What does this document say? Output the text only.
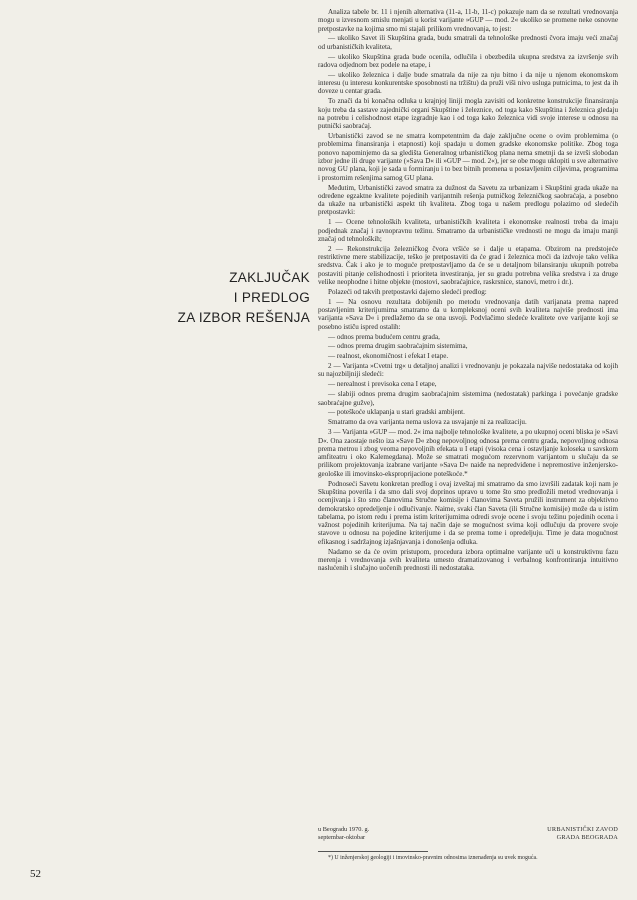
ZAKLJUČAK
I PREDLOG
ZA IZBOR REŠENJA

Analiza tabele br. 11 i njenih alternativa (11-a, 11-b, 11-c) pokazuje nam da se rezultati vrednovanja mogu u izvesnom smislu menjati u korist varijante »GUP — mod. 2« ukoliko se promene neke osnovne pretpostavke na kojima smo mi stajali prilikom vrednovanja, to jest:

— ukoliko Savet ili Skupština grada, budu smatrali da tehnološke prednosti čvora imaju veći značaj od urbanističkih kvaliteta,

— ukoliko Skupština grada bude ocenila, odlučila i obezbedila ukupna sredstva za izvršenje svih radova odjednom bez podele na etape, i

— ukoliko železnica i dalje bude smatrala da nije za nju bitno i da nije u njenom ekonomskom interesu (u interesu konkurentske sposobnosti na tržištu) da pruži viši nivo usluga putnicima, to jest da ih doveze u centar grada.

To znači da bi konačna odluka u krajnjoj liniji mogla zavisiti od konkretne konstrukcije finansiranja koju treba da sastave zajednički organi Skupštine i železnice, od toga kako Skupština i železnica gledaju na potrebu i celishodnost etape izgradnje kao i od toga kako železnica vidi svoje interese u odnosu na putnički saobraćaj.

Urbanistički zavod se ne smatra kompetentnim da daje zaključne ocene o ovim problemima (o problemima finansiranja i etapnosti) koji spadaju u domen gradske ekonomske politike. Zbog toga ponovo napominjemo da sa gledišta Generalnog urbanističkog plana nema smetnji da se izvrši slobodan izbor jedne ili druge varijante (»Sava D« ili »GUP — mod. 2«), jer se obe mogu uklopiti u sve alternative novog GU plana, koji je sada u formiranju i to bez bitnih promena u postavljenim ciljevima, programima i prostornim rešenjima samog GU plana.

Međutim, Urbanistički zavod smatra za dužnost da Savetu za urbanizam i Skupštini grada ukaže na određene egzaktne kvalitete pojedinih varijantnih rešenja putničkog železničkog saobraćaja, a posebno da ukaže na urbanistički aspekt tih kvaliteta. Zbog toga u našem predlogu polazimo od sledećih pretpostavki:

1 — Ocene tehnoloških kvaliteta, urbanističkih kvaliteta i ekonomske realnosti treba da imaju podjednak značaj i ravnopravnu težinu. Smatramo da urbanističke vrednosti ne mogu da imaju manji značaj od tehnoloških;

2 — Rekonstrukcija železničkog čvora vršiće se i dalje u etapama. Obzirom na predstojeće restriktivne mere stabilizacije, teško je pretpostaviti da će grad i železnica moći da izdvoje tako velika sredstva. Čak i ako je to moguće pretpostavljamo da će se u detaljnom bilansiranju ukupnih potreba postaviti pitanje celishodnosti i prioriteta investiranja, jer su gradu potrebna velika sredstva i za druge velike neophodne i hitne objekte (mostovi, saobraćajnice, raskrsnice, stanovi, metro i dr.).

Polazeći od takvih pretpostavki dajemo sledeći predlog:

1 — Na osnovu rezultata dobijenih po metodu vrednovanja datih varijanata prema napred postavljenim kriterijumima smatramo da u kompleksnoj oceni svih kvaliteta najviše prednosti ima varijanta »Sava D« i predlažemo da se ona usvoji. Podvlačimo sledeće kvalitete ove varijante koji se posebno ističu ispred ostalih:

— odnos prema budućem centru grada,

— odnos prema drugim saobraćajnim sistemima,

— realnost, ekonomičnost i efekat I etape.

2 — Varijanta »Cvetni trg« u detaljnoj analizi i vrednovanju je pokazala najviše nedostataka od kojih su najozbiljniji sledeći:

— nerealnost i previsoka cena I etape,

— slabiji odnos prema drugim saobraćajnim sistemima (nedostatak) parkinga i povećanje gradske saobraćajne gužve),

— poteškoće uklapanja u stari gradski ambijent.

Smatramo da ova varijanta nema uslova za usvajanje ni za realizaciju.

3 — Varijanta »GUP — mod. 2« ima najbolje tehnološke kvalitete, a po ukupnoj oceni bliska je »Savi D«. Ona zaostaje nešto iza »Save D« zbog nepovoljnog odnosa prema centru grada, nepovoljnog odnosa prema metrou i zbog veoma nepovoljnih efekata u I etapi (visoka cena i ostavljanje koloseka u savskom amfiteatru i oko Kalemegdana). Može se smatrati mogućom rezervnom varijantom u slučaju da se prilikom projektovanja izabrane varijante »Sava D« naiđe na nepredviđene i nepremostive inženjersko-geološke ili imovinsko-eksproprijacione poteškoće.*

Podnoseći Savetu konkretan predlog i ovaj izveštaj mi smatramo da smo izvršili zadatak koji nam je Skupština poverila i da smo dali svoj doprinos upravo u tome što smo predložili metod vrednovanja i ocenjivanja i što smo članovima Stručne komisije i članovima Saveta pružili instrument za objektivno demokratsko opredeljenje i odlučivanje. Naime, svaki član Saveta (ili Stručne komisije) može da u istim tabelama, po istom redu i prema istim kriterijumima odredi svoje ocene i svoju težinu pojedinih ocena i važnost pojedinih kriterijuma. Na taj način daje se mogućnost svima koji odlučuju da provere svoje stavove u odnosu na pojedine kriterijume i da se prema tome i opredeljuju. Time je data mogućnost efikasnog i sadržajnog izjašnjavanja i donošenja odluka.

Nadamo se da će ovim pristupom, procedura izbora optimalne varijante ući u konstruktivnu fazu merenja i vrednovanja svih kvaliteta umesto dramatizovanog i verbalnog konfrontiranja intuitivno naslućenih i slučajno uočenih prednosti ili nedostataka.

u Beogradu 1970. g.
septembar-oktobar
URBANISTIČKI ZAVOD
GRADA BEOGRADA
*) U inženjerskoj geologiji i imovinsko-pravnim odnosima iznenađenja su uvek moguća.
52
